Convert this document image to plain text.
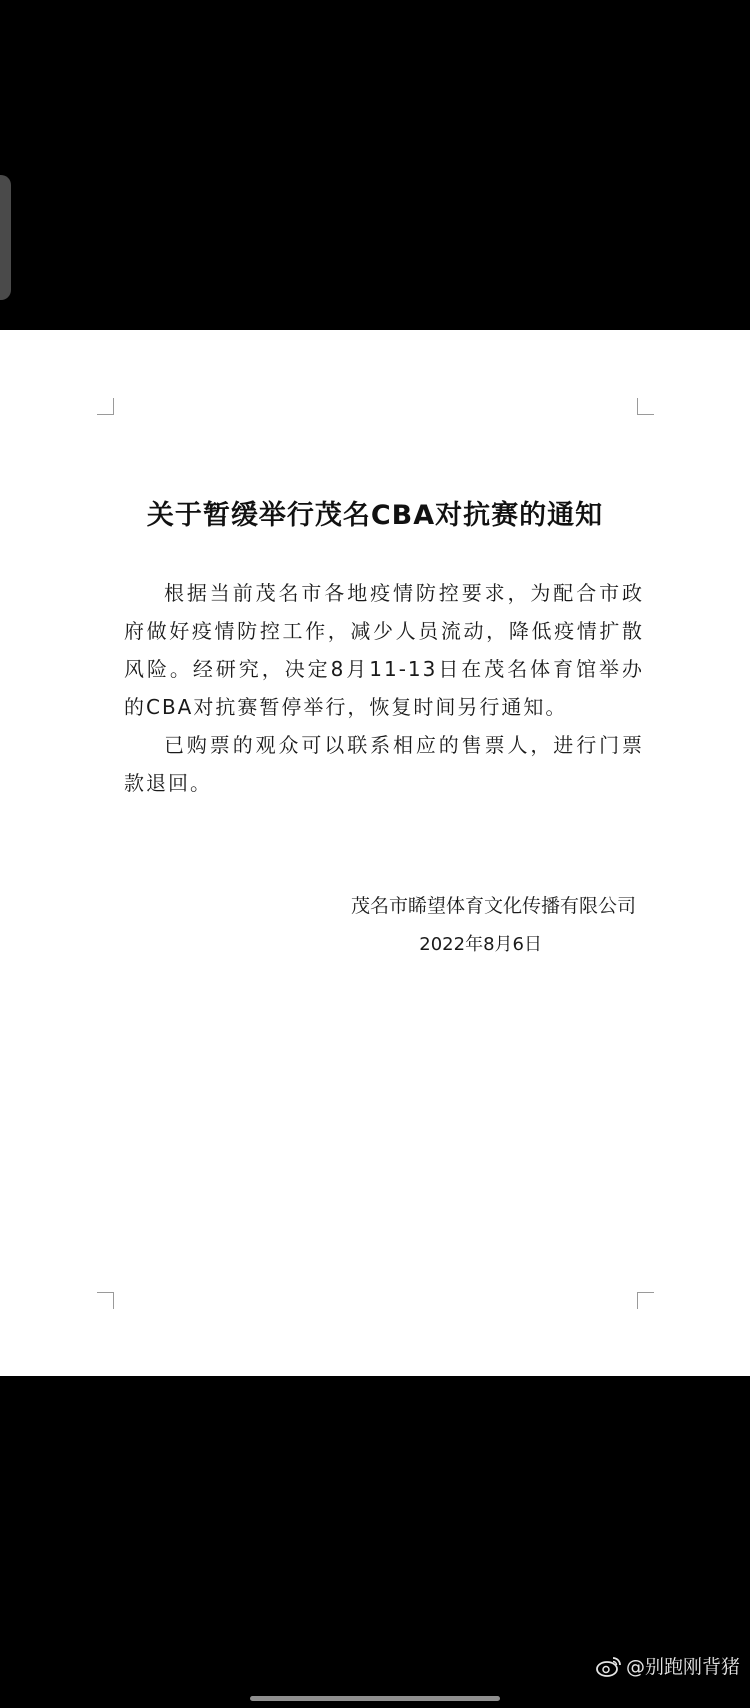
关于暂缓举行茂名CBA对抗赛的通知

根据当前茂名市各地疫情防控要求，为配合市政府做好疫情防控工作，减少人员流动，降低疫情扩散风险。经研究，决定8月11-13日在茂名体育馆举办的CBA对抗赛暂停举行，恢复时间另行通知。

已购票的观众可以联系相应的售票人，进行门票款退回。

茂名市睎望体育文化传播有限公司
2022年8月6日
@别跑刚背猪
